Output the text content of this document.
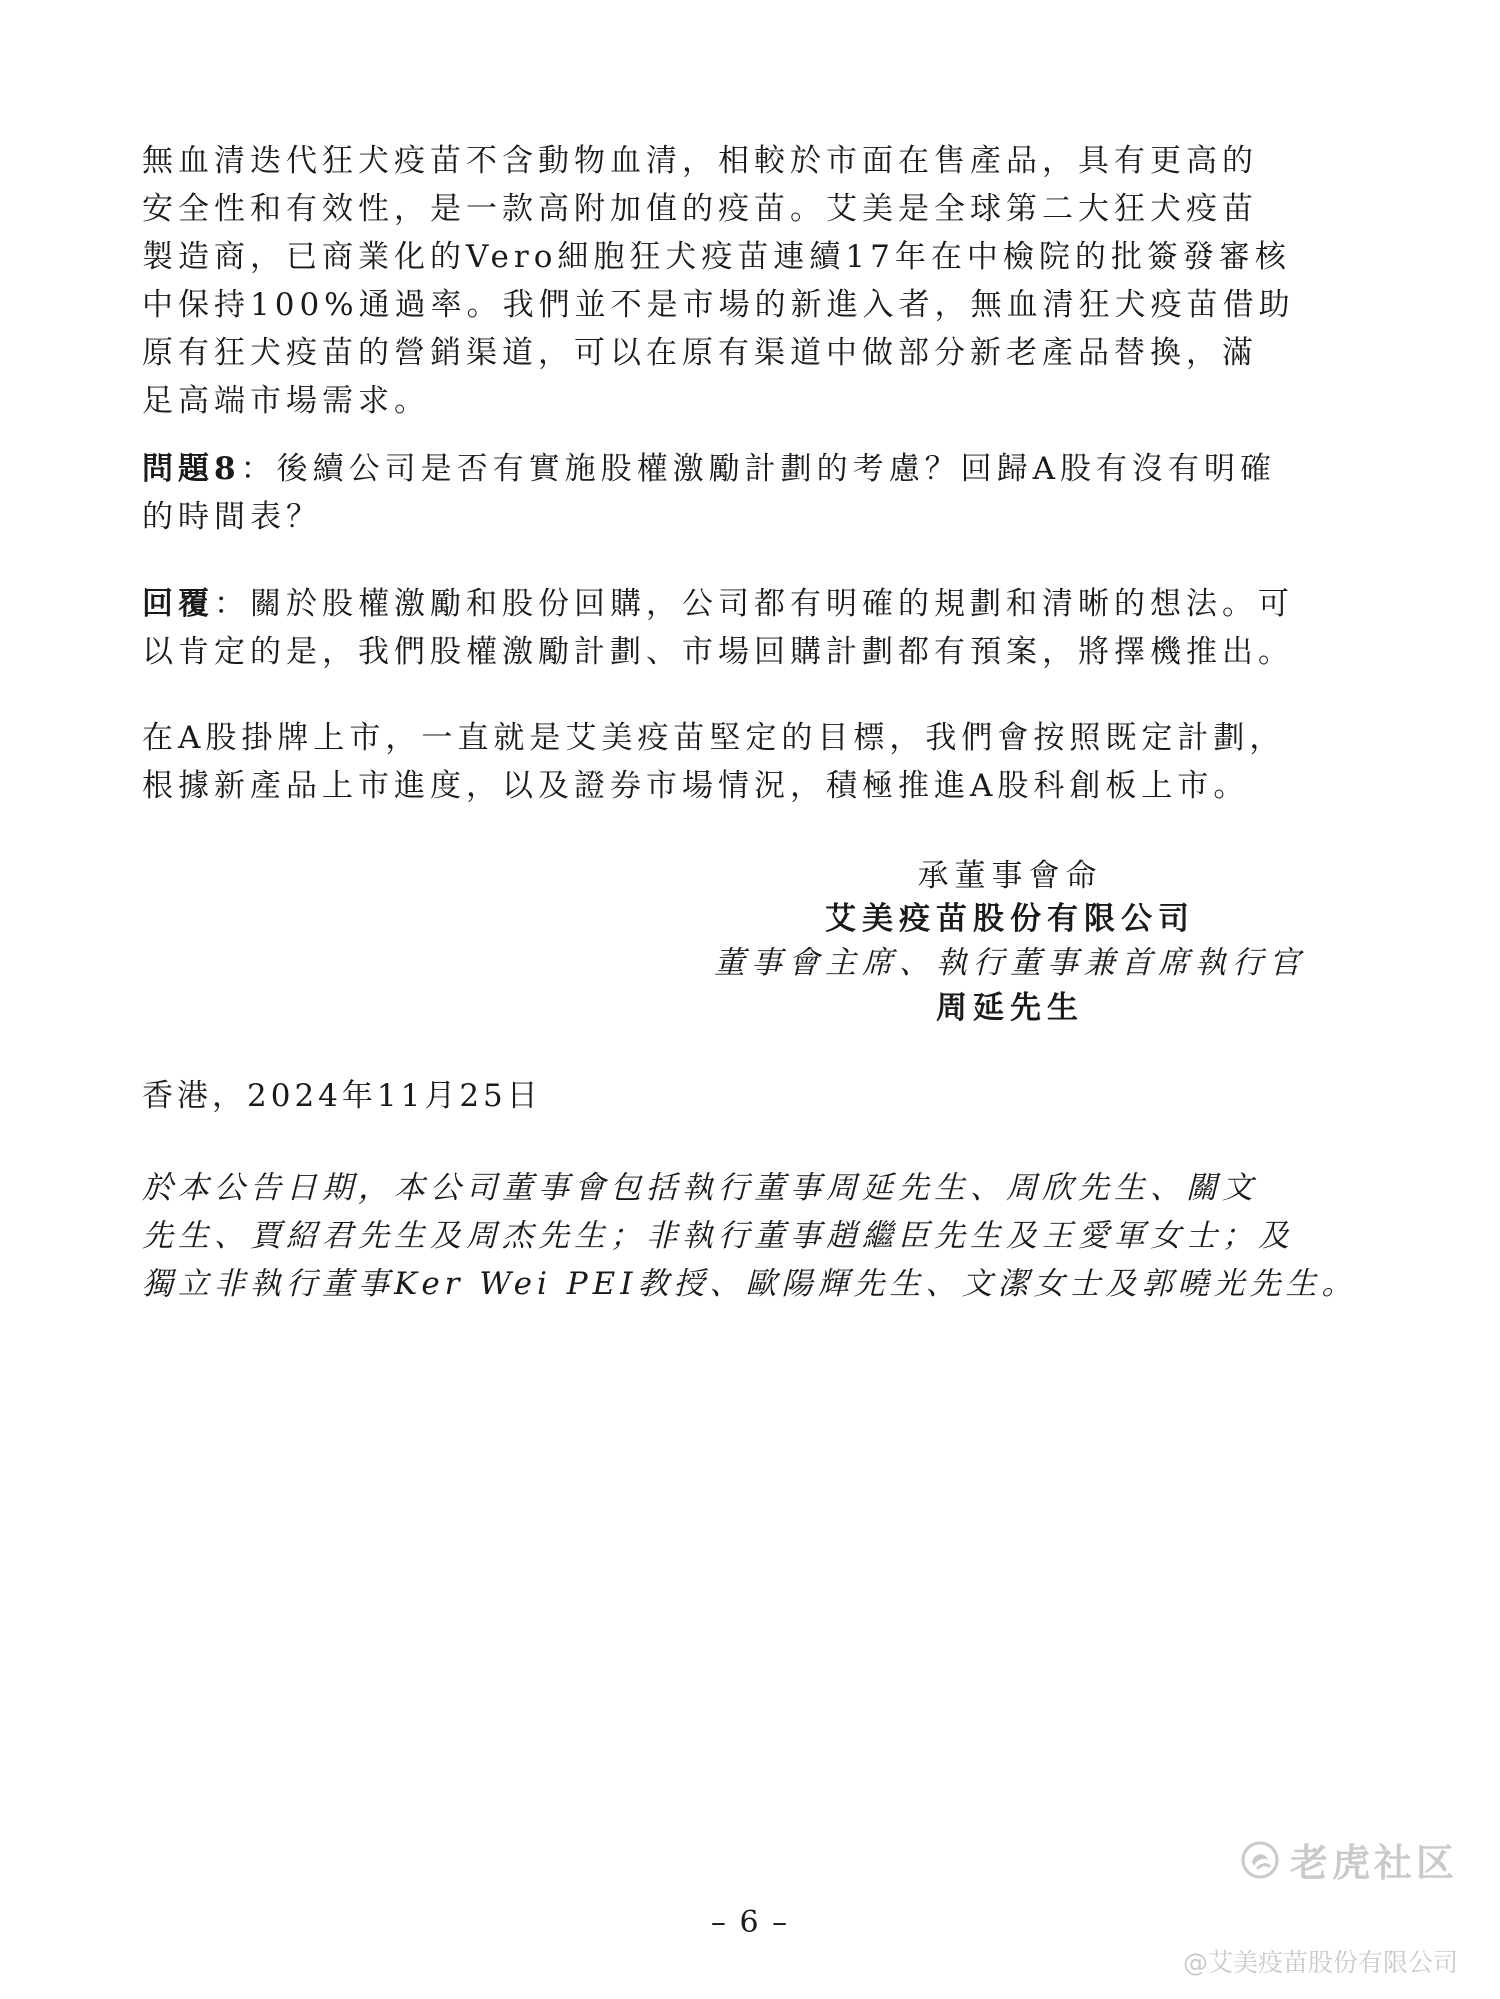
無血清迭代狂犬疫苗不含動物血清，相較於市面在售產品，具有更高的
安全性和有效性，是一款高附加值的疫苗。艾美是全球第二大狂犬疫苗
製造商，已商業化的Vero細胞狂犬疫苗連續17年在中檢院的批簽發審核
中保持100%通過率。我們並不是市場的新進入者，無血清狂犬疫苗借助
原有狂犬疫苗的營銷渠道，可以在原有渠道中做部分新老產品替換，滿
足高端市場需求。
問題8：後續公司是否有實施股權激勵計劃的考慮？回歸A股有沒有明確
的時間表？
回覆：關於股權激勵和股份回購，公司都有明確的規劃和清晰的想法。可
以肯定的是，我們股權激勵計劃、市場回購計劃都有預案，將擇機推出。
在A股掛牌上市，一直就是艾美疫苗堅定的目標，我們會按照既定計劃，
根據新產品上市進度，以及證券市場情況，積極推進A股科創板上市。
承董事會命
艾美疫苗股份有限公司
董事會主席、執行董事兼首席執行官
周延先生
香港，2024年11月25日
於本公告日期，本公司董事會包括執行董事周延先生、周欣先生、關文
先生、賈紹君先生及周杰先生；非執行董事趙繼臣先生及王愛軍女士；及
獨立非執行董事Ker Wei PEI教授、歐陽輝先生、文潔女士及郭曉光先生。
– 6 –
老虎社区
@艾美疫苗股份有限公司
